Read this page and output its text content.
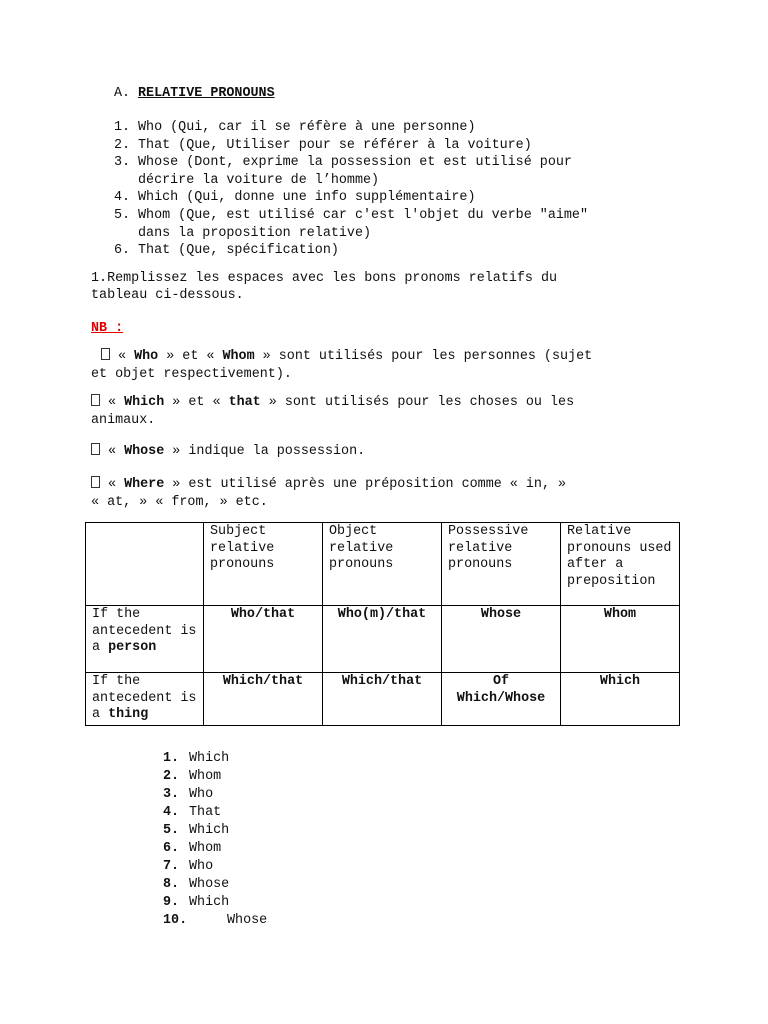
A. RELATIVE PRONOUNS
1. Who (Qui, car il se réfère à une personne)
2. That (Que, Utiliser pour se référer à la voiture)
3. Whose (Dont, exprime la possession et est utilisé pour
décrire la voiture de l’homme)
4. Which (Qui, donne une info supplémentaire)
5. Whom (Que, est utilisé car c'est l'objet du verbe "aime"
dans la proposition relative)
6. That (Que, spécification)
1.Remplissez les espaces avec les bons pronoms relatifs du
tableau ci-dessous.
NB :
« Who » et « Whom » sont utilisés pour les personnes (sujet
et objet respectivement).
« Which » et « that » sont utilisés pour les choses ou les
animaux.
« Whose » indique la possession.
« Where » est utilisé après une préposition comme « in, »
« at, » « from, » etc.
	Subject relative pronouns	Object relative pronouns	Possessive relative pronouns	Relative pronouns used after a preposition
If the antecedent is a person	Who/that	Who(m)/that	Whose	Whom
If the antecedent is a thing	Which/that	Which/that	Of Which/Whose	Which
1. Which
2. Whom
3. Who
4. That
5. Which
6. Whom
7. Who
8. Whose
9. Which
10.	Whose
